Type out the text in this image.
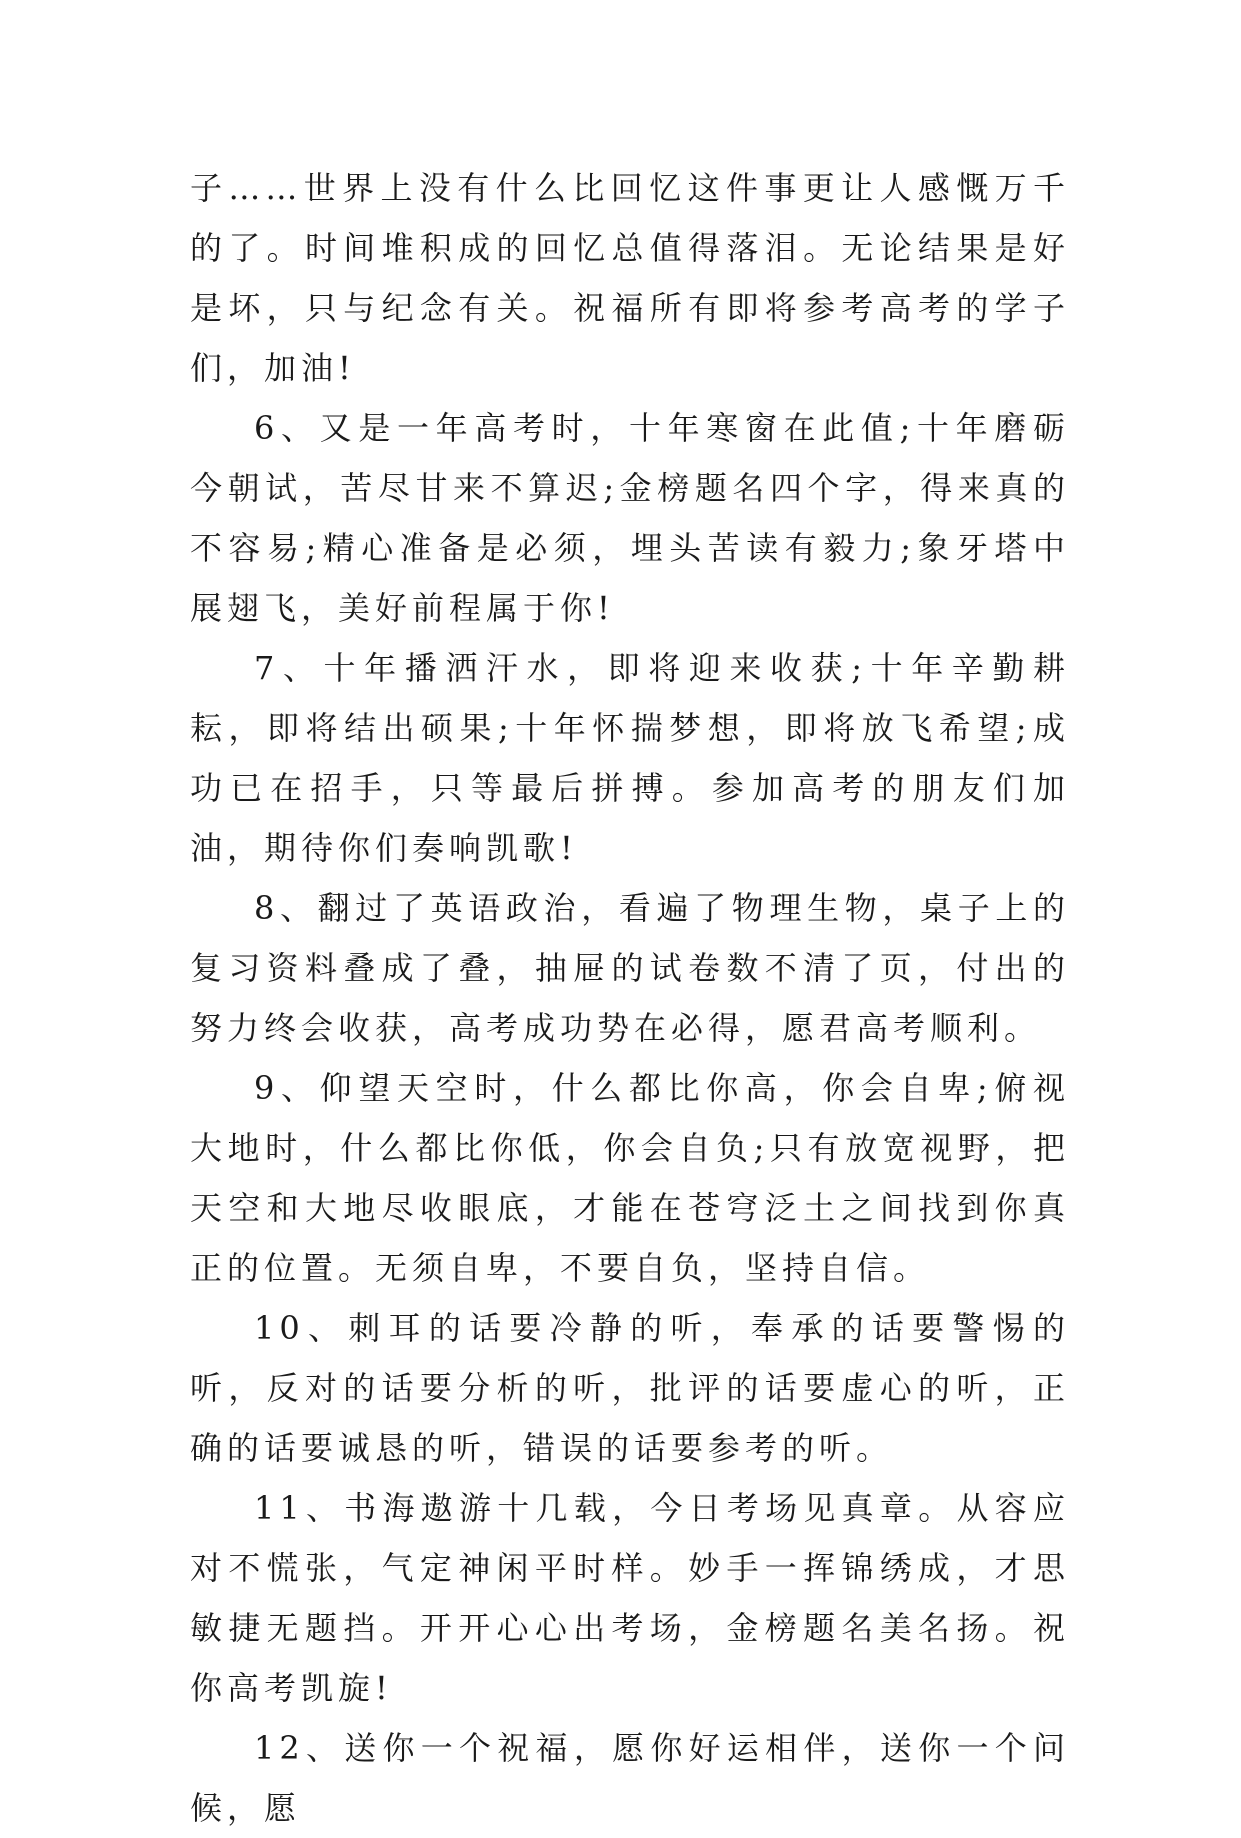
子……世界上没有什么比回忆这件事更让人感慨万千的了。时间堆积成的回忆总值得落泪。无论结果是好是坏，只与纪念有关。祝福所有即将参考高考的学子们，加油!

6、又是一年高考时，十年寒窗在此值;十年磨砺今朝试，苦尽甘来不算迟;金榜题名四个字，得来真的不容易;精心准备是必须，埋头苦读有毅力;象牙塔中展翅飞，美好前程属于你!

7、十年播洒汗水，即将迎来收获;十年辛勤耕耘，即将结出硕果;十年怀揣梦想，即将放飞希望;成功已在招手，只等最后拼搏。参加高考的朋友们加油，期待你们奏响凯歌!

8、翻过了英语政治，看遍了物理生物，桌子上的复习资料叠成了叠，抽屉的试卷数不清了页，付出的努力终会收获，高考成功势在必得，愿君高考顺利。

9、仰望天空时，什么都比你高，你会自卑;俯视大地时，什么都比你低，你会自负;只有放宽视野，把天空和大地尽收眼底，才能在苍穹泛土之间找到你真正的位置。无须自卑，不要自负，坚持自信。

10、刺耳的话要冷静的听，奉承的话要警惕的听，反对的话要分析的听，批评的话要虚心的听，正确的话要诚恳的听，错误的话要参考的听。

11、书海遨游十几载，今日考场见真章。从容应对不慌张，气定神闲平时样。妙手一挥锦绣成，才思敏捷无题挡。开开心心出考场，金榜题名美名扬。祝你高考凯旋!

12、送你一个祝福，愿你好运相伴，送你一个问候，愿
